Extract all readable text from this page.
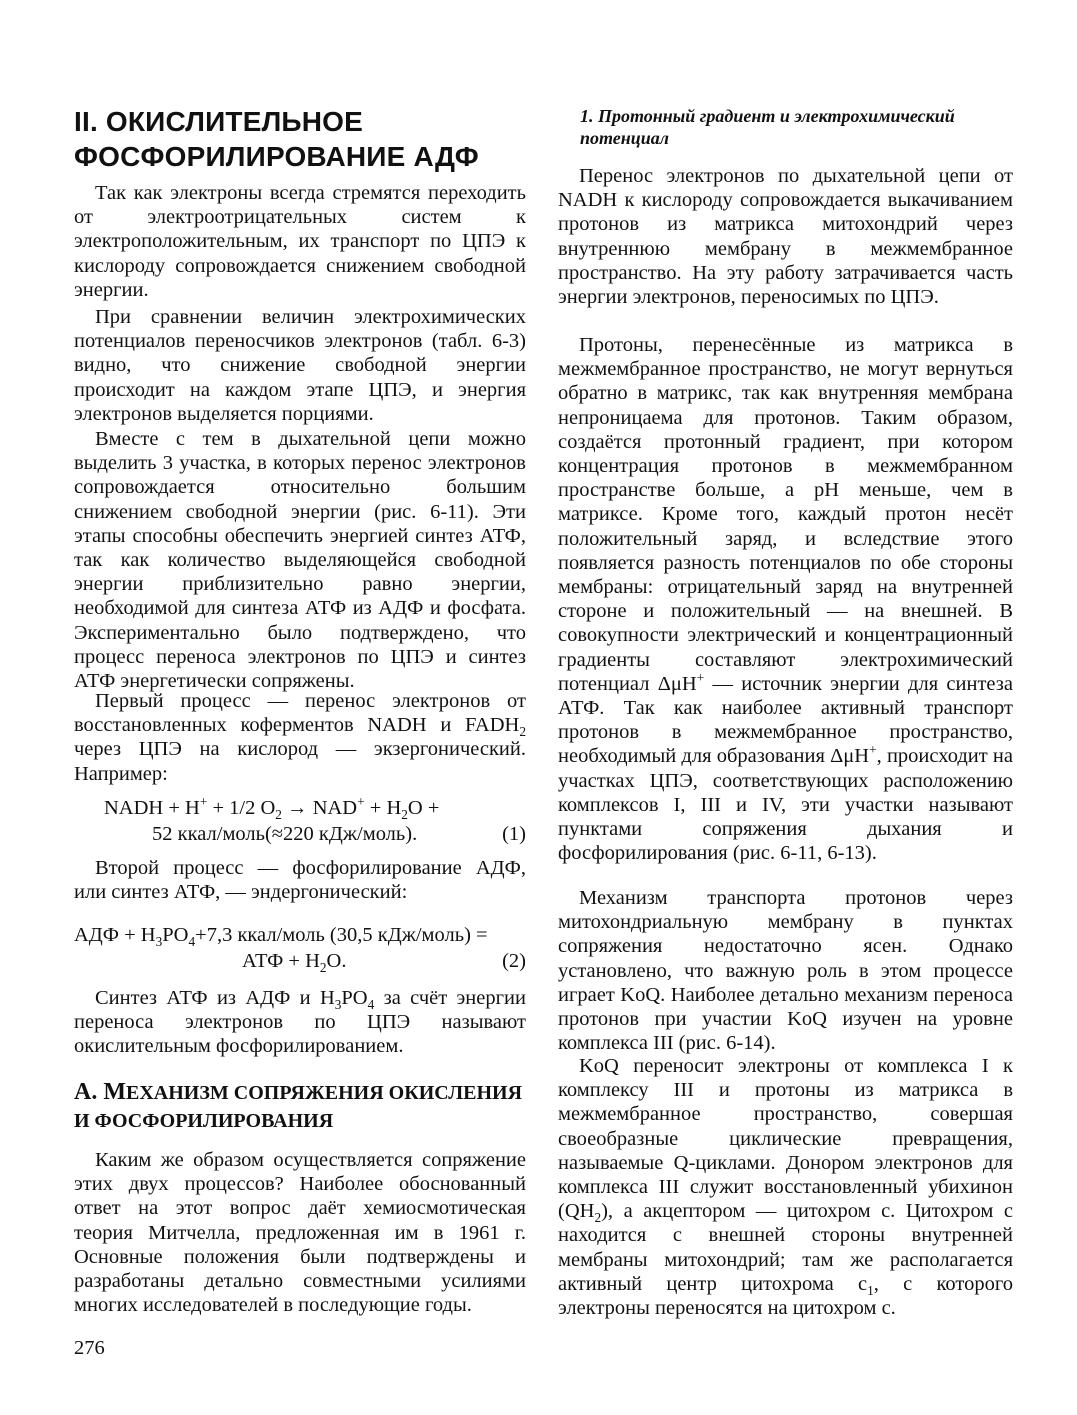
II. ОКИСЛИТЕЛЬНОЕ ФОСФОРИЛИРОВАНИЕ АДФ

Так как электроны всегда стремятся переходить от электроотрицательных систем к электроположительным, их транспорт по ЦПЭ к кислороду сопровождается снижением свободной энергии.

При сравнении величин электрохимических потенциалов переносчиков электронов (табл. 6-3) видно, что снижение свободной энергии происходит на каждом этапе ЦПЭ, и энергия электронов выделяется порциями.

Вместе с тем в дыхательной цепи можно выделить 3 участка, в которых перенос электронов сопровождается относительно большим снижением свободной энергии (рис. 6-11). Эти этапы способны обеспечить энергией синтез АТФ, так как количество выделяющейся свободной энергии приблизительно равно энергии, необходимой для синтеза АТФ из АДФ и фосфата. Экспериментально было подтверждено, что процесс переноса электронов по ЦПЭ и синтез АТФ энергетически сопряжены.

Первый процесс — перенос электронов от восстановленных коферментов NADH и $FADH_2$ через ЦПЭ на кислород — экзергонический. Например:

NADH + H+ + 1/2 $O_2 \to NAD^+ + H_2O$ +
52 ккал/моль(≈220 кДж/моль).	(1)

Второй процесс — фосфорилирование АДФ, или синтез АТФ, — эндергонический:

АДФ + $H_3PO_4+7,3$ ккал/моль (30,5 кДж/моль) =
АТФ + $H_2O$.	(2)

Синтез АТФ из АДФ и $H_3PO_4$ за счёт энергии переноса электронов по ЦПЭ называют окислительным фосфорилированием.

А. МЕХАНИЗМ СОПРЯЖЕНИЯ ОКИСЛЕНИЯ
И ФОСФОРИЛИРОВАНИЯ

Каким же образом осуществляется сопряжение этих двух процессов? Наиболее обоснованный ответ на этот вопрос даёт хемиосмотическая теория Митчелла, предложенная им в 1961 г. Основные положения были подтверждены и разработаны детально совместными усилиями многих исследователей в последующие годы.

1. Протонный градиент и электрохимический потенциал

Перенос электронов по дыхательной цепи от NADH к кислороду сопровождается выкачиванием протонов из матрикса митохондрий через внутреннюю мембрану в межмембранное пространство. На эту работу затрачивается часть энергии электронов, переносимых по ЦПЭ.

Протоны, перенесённые из матрикса в межмембранное пространство, не могут вернуться обратно в матрикс, так как внутренняя мембрана непроницаема для протонов. Таким образом, создаётся протонный градиент, при котором концентрация протонов в межмембранном пространстве больше, а pH меньше, чем в матриксе. Кроме того, каждый протон несёт положительный заряд, и вследствие этого появляется разность потенциалов по обе стороны мембраны: отрицательный заряд на внутренней стороне и положительный — на внешней. В совокупности электрический и концентрационный градиенты составляют электрохимический потенциал ΔμH+ — источник энергии для синтеза АТФ. Так как наиболее активный транспорт протонов в межмембранное пространство, необходимый для образования ΔμH+, происходит на участках ЦПЭ, соответствующих расположению комплексов I, III и IV, эти участки называют пунктами сопряжения дыхания и фосфорилирования (рис. 6-11, 6-13).

Механизм транспорта протонов через митохондриальную мембрану в пунктах сопряжения недостаточно ясен. Однако установлено, что важную роль в этом процессе играет KoQ. Наиболее детально механизм переноса протонов при участии KoQ изучен на уровне комплекса III (рис. 6-14).

KoQ переносит электроны от комплекса I к комплексу III и протоны из матрикса в межмембранное пространство, совершая своеобразные циклические превращения, называемые Q-циклами. Донором электронов для комплекса III служит восстановленный убихинон $(QH_2)$, а акцептором — цитохром с. Цитохром с находится с внешней стороны внутренней мембраны митохондрий; там же располагается активный центр цитохрома $с_1$, с которого электроны переносятся на цитохром с.

276
